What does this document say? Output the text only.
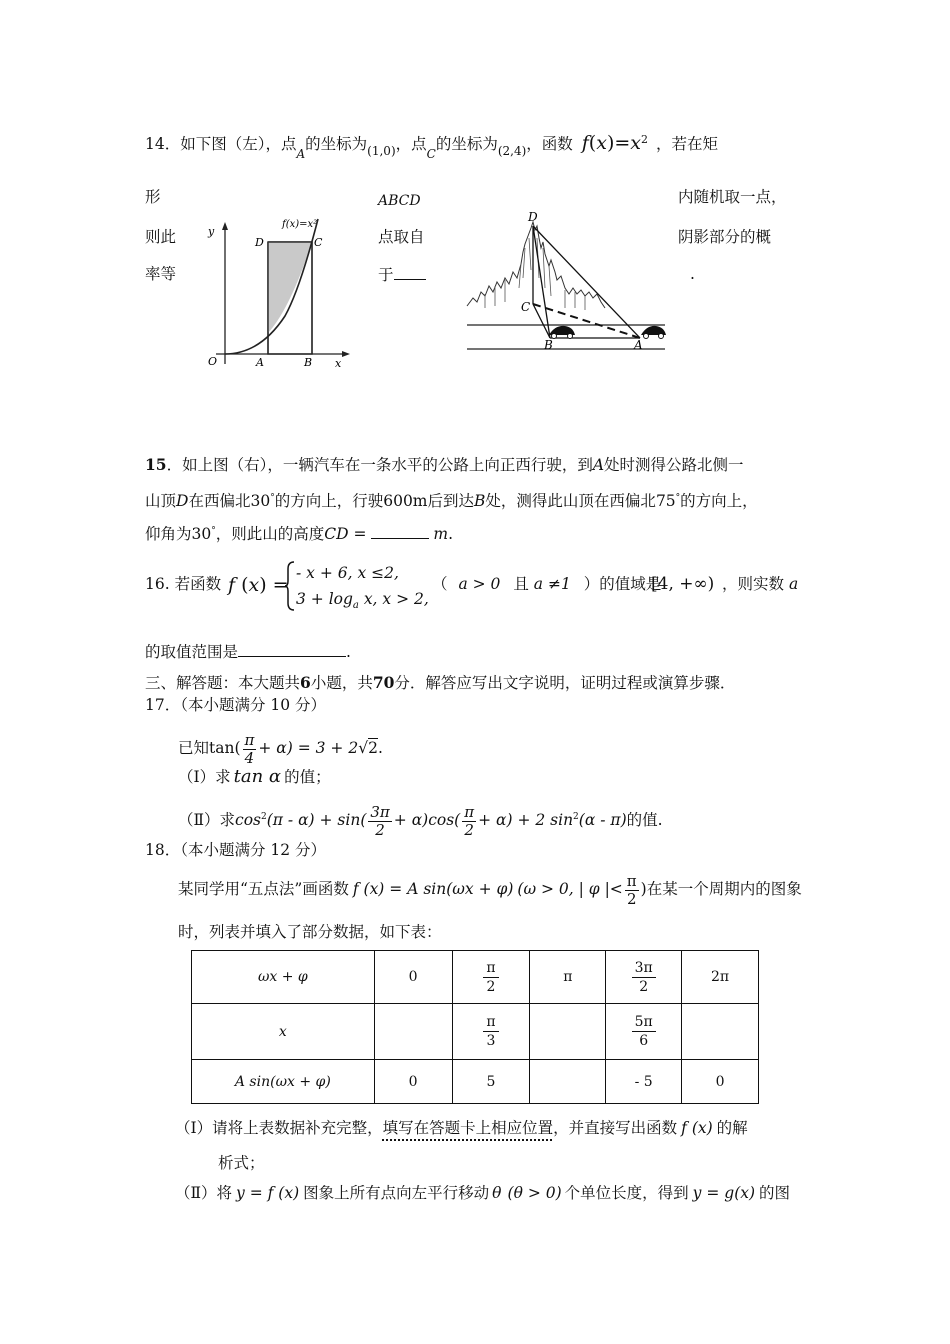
14．如下图（左），点$_A$的坐标为$_{(1,0)}$，点$_C$的坐标为$_{(2,4)}$，函数 $f(x)=x^2$ ，若在矩
形	ABCD	内随机取一点，
则此	点取自	阴影部分的概
率等	于	.
y
x
O	A	B
C
D
f(x)=x²
D
C
B	A
15．如上图（右），一辆汽车在一条水平的公路上向正西行驶，到A处时测得公路北侧一
山顶D在西偏北30°的方向上，行驶600m后到达B处，测得此山顶在西偏北75°的方向上，
仰角为30°，则此山的高度CD =	m.
16. 若函数 f (x) =
- x + 6, x ≤2,
$3 + \log_a x$, x > 2,
（ a > 0 且 a ≠1 ）的值域是
[4, +∞) ，则实数 a
的取值范围是	.
三、解答题：本大题共6小题，共70分．解答应写出文字说明，证明过程或演算步骤．
17．（本小题满分 10 分）
已知$\tan( \frac{\pi}{4} + \alpha) = 3 + 2√2$.
（Ⅰ）求 tan α 的值；
（Ⅱ）求$\cos^2(\pi - \alpha) + \sin( \frac{3\pi}{2} + \alpha)\cos( \frac{\pi}{2} + \alpha) + 2$ $\sin^2(\alpha - \pi)$的值.
18．（本小题满分 12 分）
某同学用“五点法”画函数 f (x) = A sin(ωx + φ) (ω > 0, | φ |< $\frac{\pi}{2}$ )在某一个周期内的图象
时，列表并填入了部分数据，如下表：
ωx + φ	0	$\frac{\pi}{2}$	π	$\frac{3\pi}{2}$	2π
x		$\frac{\pi}{3}$		$\frac{5\pi}{6}$

A sin(ωx + φ)	0	5		- 5	0
（Ⅰ）请将上表数据补充完整，填写在答题卡上相应位置，并直接写出函数 f (x) 的解
析式；
（Ⅱ）将 y = f (x) 图象上所有点向左平行移动 θ (θ > 0) 个单位长度，得到 y = g(x) 的图
